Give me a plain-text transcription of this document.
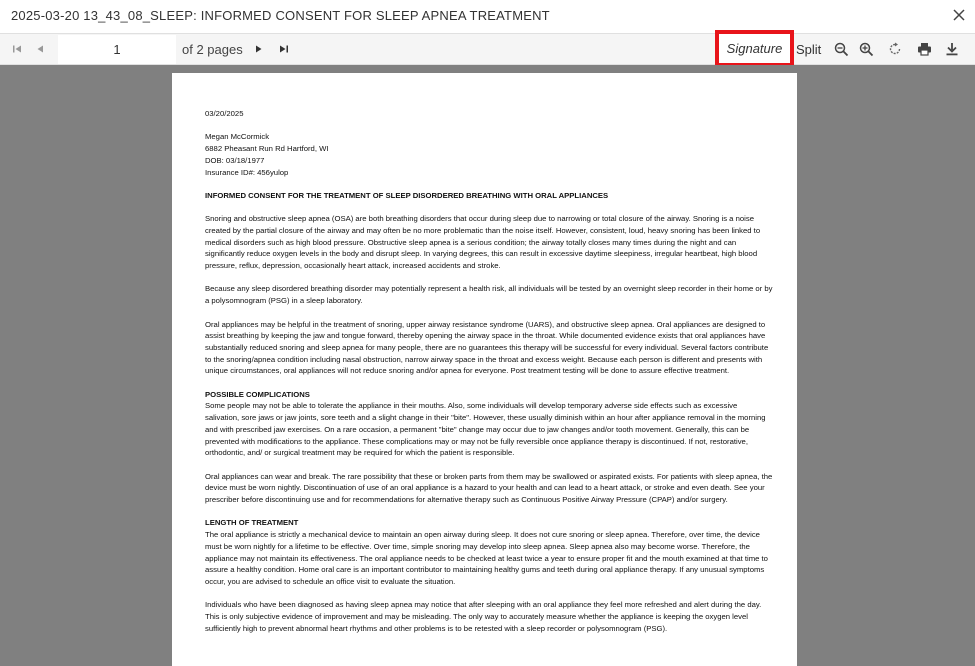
2025-03-20 13_43_08_SLEEP: INFORMED CONSENT FOR SLEEP APNEA TREATMENT
1
of 2 pages	Signature	Split

03/20/2025

Megan McCormick

6882 Pheasant Run Rd Hartford, WI

DOB: 03/18/1977

Insurance ID#: 456yulop

INFORMED CONSENT FOR THE TREATMENT OF SLEEP DISORDERED BREATHING WITH ORAL APPLIANCES

Snoring and obstructive sleep apnea (OSA) are both breathing disorders that occur during sleep due to narrowing or total closure of the airway. Snoring is a noise created by the partial closure of the airway and may often be no more problematic than the noise itself. However, consistent, loud, heavy snoring has been linked to medical disorders such as high blood pressure. Obstructive sleep apnea is a serious condition; the airway totally closes many times during the night and can significantly reduce oxygen levels in the body and disrupt sleep. In varying degrees, this can result in excessive daytime sleepiness, irregular heartbeat, high blood pressure, reflux, depression, occasionally heart attack, increased accidents and stroke.

Because any sleep disordered breathing disorder may potentially represent a health risk, all individuals will be tested by an overnight sleep recorder in their home or by a polysomnogram (PSG) in a sleep laboratory.

Oral appliances may be helpful in the treatment of snoring, upper airway resistance syndrome (UARS), and obstructive sleep apnea. Oral appliances are designed to assist breathing by keeping the jaw and tongue forward, thereby opening the airway space in the throat. While documented evidence exists that oral appliances have substantially reduced snoring and sleep apnea for many people, there are no guarantees this therapy will be successful for every individual. Several factors contribute to the snoring/apnea condition including nasal obstruction, narrow airway space in the throat and excess weight. Because each person is different and presents with unique circumstances, oral appliances will not reduce snoring and/or apnea for everyone. Post treatment testing will be done to assure effective treatment.

POSSIBLE COMPLICATIONS

Some people may not be able to tolerate the appliance in their mouths. Also, some individuals will develop temporary adverse side effects such as excessive salivation, sore jaws or jaw joints, sore teeth and a slight change in their "bite". However, these usually diminish within an hour after appliance removal in the morning and with prescribed jaw exercises. On a rare occasion, a permanent "bite" change may occur due to jaw changes and/or tooth movement. Generally, this can be prevented with modifications to the appliance. These complications may or may not be fully reversible once appliance therapy is discontinued. If not, restorative, orthodontic, and/ or surgical treatment may be required for which the patient is responsible.

Oral appliances can wear and break. The rare possibility that these or broken parts from them may be swallowed or aspirated exists. For patients with sleep apnea, the device must be worn nightly. Discontinuation of use of an oral appliance is a hazard to your health and can lead to a heart attack, or stroke and even death. See your prescriber before discontinuing use and for recommendations for alternative therapy such as Continuous Positive Airway Pressure (CPAP) and/or surgery.

LENGTH OF TREATMENT

The oral appliance is strictly a mechanical device to maintain an open airway during sleep. It does not cure snoring or sleep apnea. Therefore, over time, the device must be worn nightly for a lifetime to be effective. Over time, simple snoring may develop into sleep apnea. Sleep apnea also may become worse. Therefore, the appliance may not maintain its effectiveness. The oral appliance needs to be checked at least twice a year to ensure proper fit and the mouth examined at that time to assure a healthy condition. Home oral care is an important contributor to maintaining healthy gums and teeth during oral appliance therapy. If any unusual symptoms occur, you are advised to schedule an office visit to evaluate the situation.

Individuals who have been diagnosed as having sleep apnea may notice that after sleeping with an oral appliance they feel more refreshed and alert during the day. This is only subjective evidence of improvement and may be misleading. The only way to accurately measure whether the appliance is keeping the oxygen level sufficiently high to prevent abnormal heart rhythms and other problems is to be retested with a sleep recorder or polysomnogram (PSG).
